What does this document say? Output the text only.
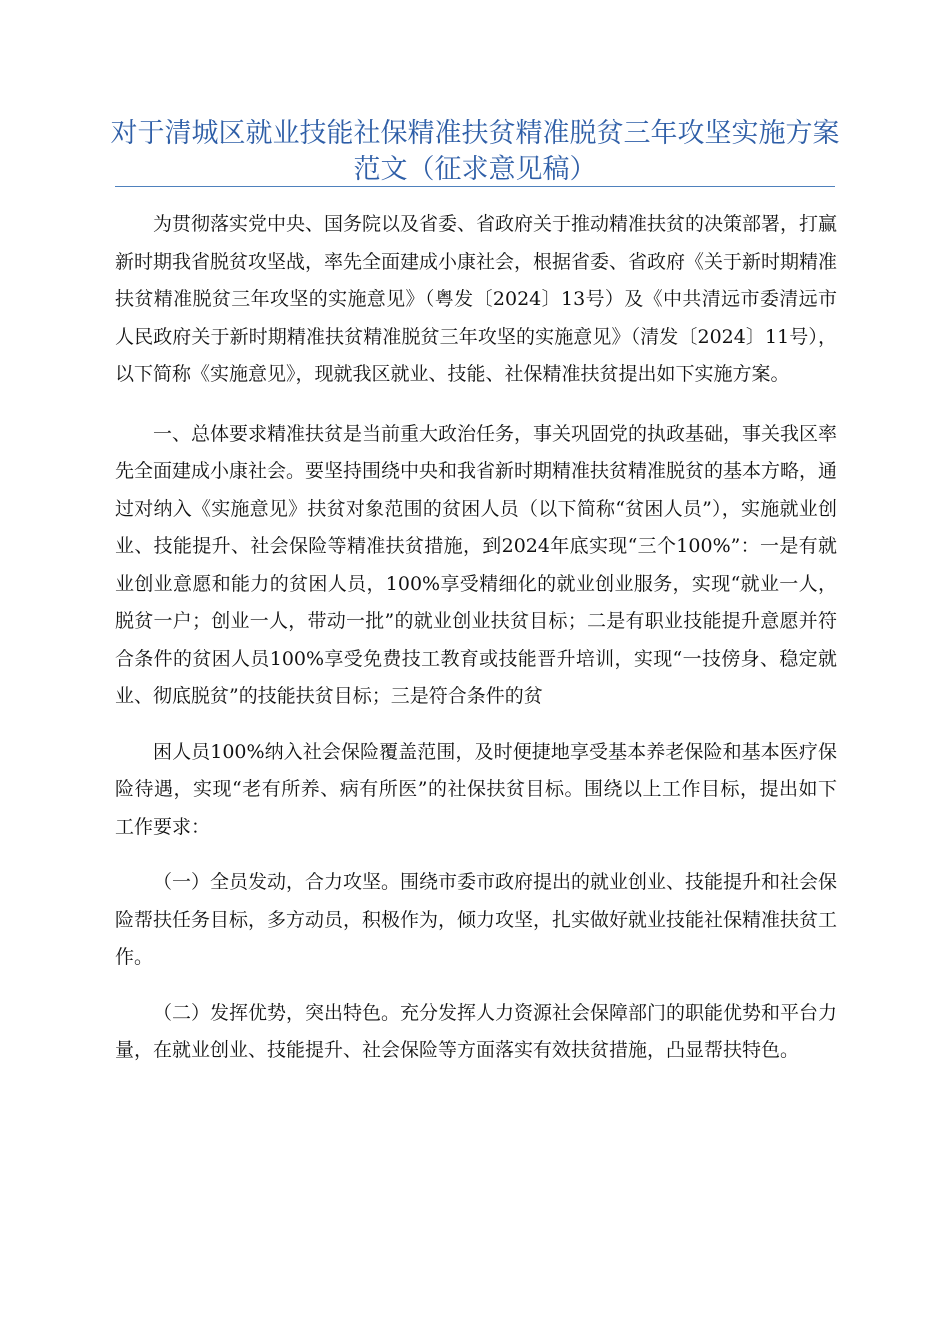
对于清城区就业技能社保精准扶贫精准脱贫三年攻坚实施方案范文（征求意见稿）

为贯彻落实党中央、国务院以及省委、省政府关于推动精准扶贫的决策部署，打赢新时期我省脱贫攻坚战，率先全面建成小康社会，根据省委、省政府《关于新时期精准扶贫精准脱贫三年攻坚的实施意见》（粤发〔2024〕13号）及《中共清远市委清远市人民政府关于新时期精准扶贫精准脱贫三年攻坚的实施意见》（清发〔2024〕11号），以下简称《实施意见》，现就我区就业、技能、社保精准扶贫提出如下实施方案。

一、总体要求精准扶贫是当前重大政治任务，事关巩固党的执政基础，事关我区率先全面建成小康社会。要坚持围绕中央和我省新时期精准扶贫精准脱贫的基本方略，通过对纳入《实施意见》扶贫对象范围的贫困人员（以下简称“贫困人员”），实施就业创业、技能提升、社会保险等精准扶贫措施，到2024年底实现“三个100%”：一是有就业创业意愿和能力的贫困人员，100%享受精细化的就业创业服务，实现“就业一人，脱贫一户；创业一人，带动一批”的就业创业扶贫目标；二是有职业技能提升意愿并符合条件的贫困人员100%享受免费技工教育或技能晋升培训，实现“一技傍身、稳定就业、彻底脱贫”的技能扶贫目标；三是符合条件的贫

困人员100%纳入社会保险覆盖范围，及时便捷地享受基本养老保险和基本医疗保险待遇，实现“老有所养、病有所医”的社保扶贫目标。围绕以上工作目标，提出如下工作要求：

（一）全员发动，合力攻坚。围绕市委市政府提出的就业创业、技能提升和社会保险帮扶任务目标，多方动员，积极作为，倾力攻坚，扎实做好就业技能社保精准扶贫工作。

（二）发挥优势，突出特色。充分发挥人力资源社会保障部门的职能优势和平台力量，在就业创业、技能提升、社会保险等方面落实有效扶贫措施，凸显帮扶特色。
